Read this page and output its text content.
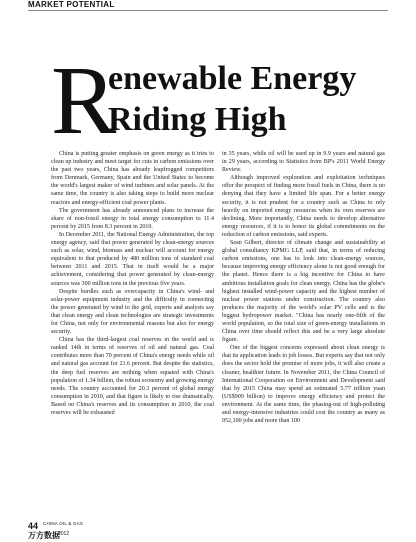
MARKET POTENTIAL
R
enewable Energy
Riding High

China is putting greater emphasis on green energy as it tries to clean up industry and meet target for cuts in carbon emissions over the past two years, China has already leapfrogged competitors from Denmark, Germany, Spain and the United States to become the world's largest maker of wind turbines and solar panels. At the same time, the country is also taking steps to build more nuclear reactors and energy-efficient coal power plants.

The government has already announced plans to increase the share of non-fossil energy in total energy consumption to 11.4 percent by 2015 from 8.3 percent in 2010.

In December 2011, the National Energy Administration, the top energy agency, said that power generated by clean-energy sources such as solar, wind, biomass and nuclear will account for energy equivalent to that produced by 480 million tons of standard coal between 2011 and 2015. That in itself would be a major achievement, considering that power generated by clean-energy sources was 300 million tons in the previous five years.

Despite hurdles such as overcapacity in China's wind- and solar-power equipment industry and the difficulty in connecting the power generated by wind to the grid, experts and analysts say that clean energy and clean technologies are strategic investments for China, not only for environmental reasons but also for energy security.

China has the third-largest coal reserves in the world and is ranked 14th in terms of reserves of oil and natural gas. Coal contributes more than 70 percent of China's energy needs while oil and natural gas account for 21.6 percent. But despite the statistics, the deep fuel reserves are nothing when equated with China's population of 1.34 billion, the robust economy and growing energy needs. The country accounted for 20.3 percent of global energy consumption in 2010, and that figure is likely to rise dramatically. Based on China's reserves and its consumption in 2010, the coal reserves will be exhausted

in 35 years, while oil will be used up in 9.9 years and natural gas in 29 years, according to Statistics from BP's 2011 World Energy Review.

Although improved exploration and exploitation techniques offer the prospect of finding more fossil fuels in China, there is no denying that they have a limited life span. For a better energy security, it is not prudent for a country such as China to rely heavily on imported energy resources when its own reserves are declining. More importantly, China needs to develop alternative energy resources, if it is to honor its global commitments on the reduction of carbon emissions, said experts.

Sean Gilbert, director of climate change and sustainability at global consultancy KPMG LLP, said that, in terms of reducing carbon emissions, one has to look into clean-energy sources, because improving energy efficiency alone is not good enough for the planet. Hence there is a big incentive for China to have ambitious installation goals for clean energy. China has the globe's highest installed wind-power capacity and the highest number of nuclear power stations under construction. The country also produces the majority of the world's solar PV cells and is the biggest hydropower market. "China has nearly one-fifth of the world population, so the total size of green-energy installations in China over time should reflect this and be a very large absolute figure.

One of the biggest concerns expressed about clean energy is that its application leads to job losses. But experts say that not only does the sector hold the promise of more jobs, it will also create a cleaner, healthier future. In November 2011, the China Council of International Cooperation on Environment and Development said that by 2015 China may spend an estimated 5.77 trillion yuan (US$909 billion) to improve energy efficiency and protect the environment. At the same time, the phasing-out of high-polluting and energy-intensive industries could cost the country as many as 952,100 jobs and more than 100

44 CHINA OIL & GAS
万方数据
2012
